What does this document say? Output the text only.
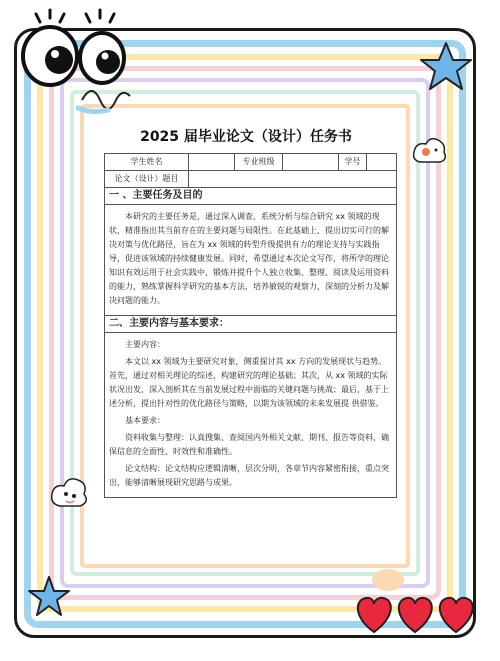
2025 届毕业论文（设计）任务书
学生姓名		专业班级		学号	
论文（设计）题目					
一 、主要任务及目的					

本研究的主要任务是，通过深入调查、系统分析与综合研究 xx 领域的现状，精准指出其当前存在的主要问题与局限性。在此基础上，提出切实可行的解决对策与优化路径，旨在为 xx 领域的转型升级提供有力的理论支持与实践指导，促进该领域的持续健康发展。同时，希望通过本次论文写作，将所学的理论知识有效运用于社会实践中，锻炼并提升个人独立收集、整理、阅读及运用资料的能力，熟练掌握科学研究的基本方法，培养敏锐的观察力，深刻的分析力及解决问题的能力。					

二、主要内容与基本要求：					

主要内容：
本文以 xx 领域为主要研究对象，侧重探讨其 xx 方向的发展现状与趋势。首先，通过对相关理论的综述，构建研究的理论基础；其次，从 xx 领域的实际状况出发，深入剖析其在当前发展过程中面临的关键问题与挑战；最后，基于上述分析，提出针对性的优化路径与策略，以期为该领域的未来发展提 供借鉴。
基本要求：
资料收集与整理：认真搜集、查阅国内外相关文献、期刊、报告等资料，确保信息的全面性、时效性和准确性。
论文结构：论文结构应逻辑清晰，层次分明，各章节内容紧密衔接，重点突出，能够清晰展现研究思路与成果。					
